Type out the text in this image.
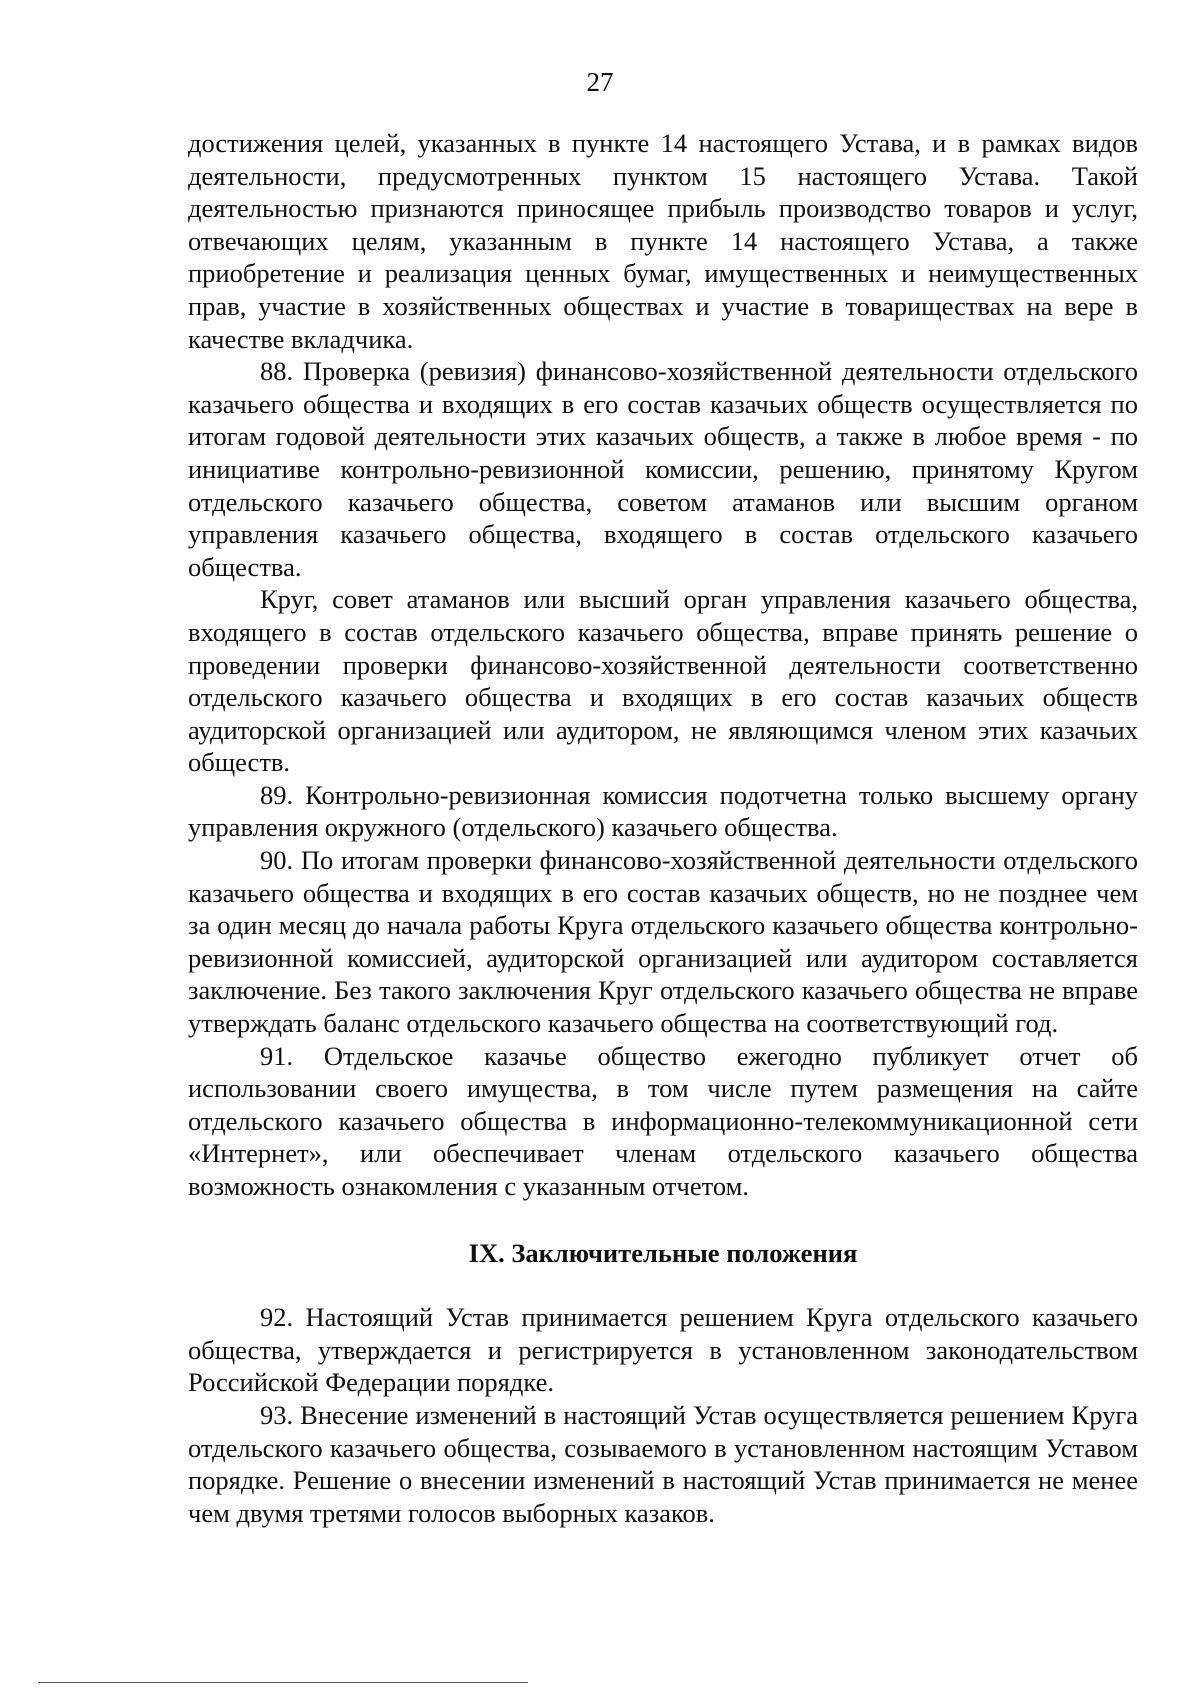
27

достижения целей, указанных в пункте 14 настоящего Устава, и в рамках видов деятельности, предусмотренных пунктом 15 настоящего Устава. Такой деятельностью признаются приносящее прибыль производство товаров и услуг, отвечающих целям, указанным в пункте 14 настоящего Устава, а также приобретение и реализация ценных бумаг, имущественных и неимущественных прав, участие в хозяйственных обществах и участие в товариществах на вере в качестве вкладчика.

88. Проверка (ревизия) финансово-хозяйственной деятельности отдельского казачьего общества и входящих в его состав казачьих обществ осуществляется по итогам годовой деятельности этих казачьих обществ, а также в любое время - по инициативе контрольно-ревизионной комиссии, решению, принятому Кругом отдельского казачьего общества, советом атаманов или высшим органом управления казачьего общества, входящего в состав отдельского казачьего общества.

Круг, совет атаманов или высший орган управления казачьего общества, входящего в состав отдельского казачьего общества, вправе принять решение о проведении проверки финансово-хозяйственной деятельности соответственно отдельского казачьего общества и входящих в его состав казачьих обществ аудиторской организацией или аудитором, не являющимся членом этих казачьих обществ.

89. Контрольно-ревизионная комиссия подотчетна только высшему органу управления окружного (отдельского) казачьего общества.

90. По итогам проверки финансово-хозяйственной деятельности отдельского казачьего общества и входящих в его состав казачьих обществ, но не позднее чем за один месяц до начала работы Круга отдельского казачьего общества контрольно-ревизионной комиссией, аудиторской организацией или аудитором составляется заключение. Без такого заключения Круг отдельского казачьего общества не вправе утверждать баланс отдельского казачьего общества на соответствующий год.

91. Отдельское казачье общество ежегодно публикует отчет об использовании своего имущества, в том числе путем размещения на сайте отдельского казачьего общества в информационно-телекоммуникационной сети «Интернет», или обеспечивает членам отдельского казачьего общества возможность ознакомления с указанным отчетом.

IX. Заключительные положения

92. Настоящий Устав принимается решением Круга отдельского казачьего общества, утверждается и регистрируется в установленном законодательством Российской Федерации порядке.

93. Внесение изменений в настоящий Устав осуществляется решением Круга отдельского казачьего общества, созываемого в установленном настоящим Уставом порядке. Решение о внесении изменений в настоящий Устав принимается не менее чем двумя третями голосов выборных казаков.
